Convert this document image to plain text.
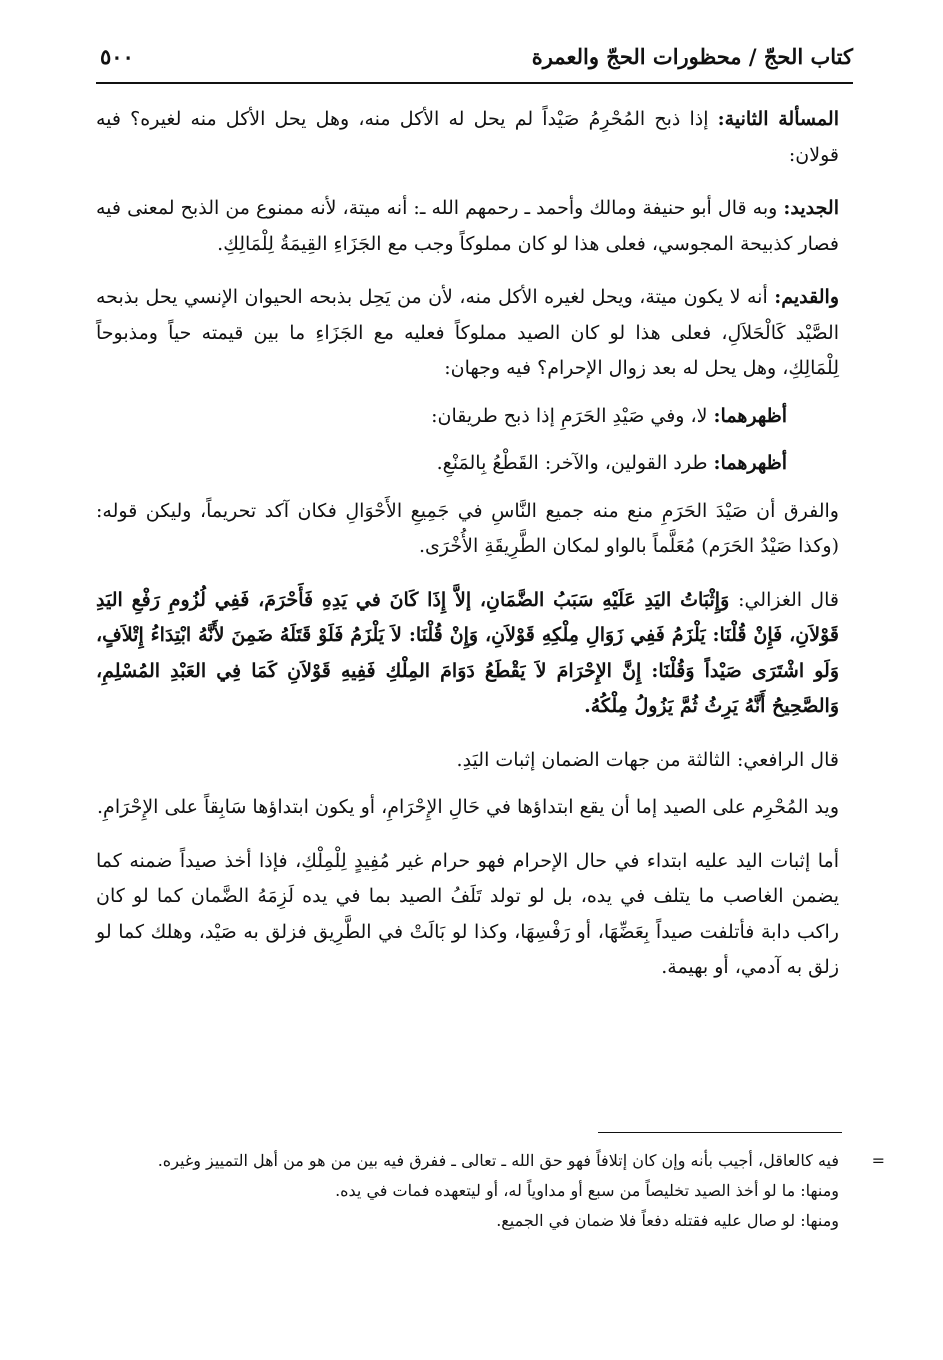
كتاب الحجّ / محظورات الحجّ والعمرة
٥٠٠

المسألة الثانية: إذا ذبح المُحْرِمُ صَيْداً لم يحل له الأكل منه، وهل يحل الأكل منه لغيره؟ فيه قولان:

الجديد: وبه قال أبو حنيفة ومالك وأحمد ـ رحمهم الله ـ: أنه ميتة، لأنه ممنوع من الذبح لمعنى فيه فصار كذبيحة المجوسي، فعلى هذا لو كان مملوكاً وجب مع الجَزَاءِ القِيمَةُ لِلْمَالِكِ.

والقديم: أنه لا يكون ميتة، ويحل لغيره الأكل منه، لأن من يَحِل بذبحه الحيوان الإنسي يحل بذبحه الصَّيْد كَالْحَلاَلِ، فعلى هذا لو كان الصيد مملوكاً فعليه مع الجَزَاءِ ما بين قيمته حياً ومذبوحاً لِلْمَالِكِ، وهل يحل له بعد زوال الإحرام؟ فيه وجهان:

أظهرهما: لا، وفي صَيْدِ الحَرَمِ إذا ذبح طريقان:

أظهرهما: طرد القولين، والآخر: القَطْعُ بِالمَنْعِ.

والفرق أن صَيْدَ الحَرَمِ منع منه جميع النَّاسِ في جَمِيعِ الأَحْوَالِ فكان آكد تحريماً، وليكن قوله: (وكذا صَيْدُ الحَرَم) مُعَلَّماً بالواو لمكان الطَّرِيقَةِ الأُخْرَى.

قال الغزالي: وَإِثْبَاتُ اليَدِ عَلَيْهِ سَبَبُ الضَّمَانِ، إلاَّ إِذَا كَانَ في يَدِهِ فَأَحْرَمَ، فَفِي لُزُومِ رَفْعِ اليَدِ قَوْلاَنِ، فَإِنْ قُلْنَا: يَلْزَمُ فَفِي زَوَالِ مِلْكِهِ قَوْلاَنِ، وَإِنْ قُلْنَا: لاَ يَلْزَمُ فَلَوْ قَتَلَهُ ضَمِنَ لأَنَّهُ ابْتِدَاءُ إِتْلاَفٍ، وَلَو اشْتَرَى صَيْداً وَقُلْنَا: إِنَّ الإِحْرَامَ لاَ يَقْطَعُ دَوَامَ المِلْكِ فَفِيهِ قَوْلاَنِ كَمَا فِي العَبْدِ المُسْلِمِ، وَالصَّحِيحُ أَنَّهُ يَرِثُ ثُمَّ يَزُولُ مِلْكُهُ.

قال الرافعي: الثالثة من جهات الضمان إثبات اليَدِ.

ويد المُحْرِم على الصيد إما أن يقع ابتداؤها في حَالِ الإِحْرَامِ، أو يكون ابتداؤها سَابِقاً على الإِحْرَامِ.

أما إثبات اليد عليه ابتداء في حال الإحرام فهو حرام غير مُفِيدٍ لِلْمِلْكِ، فإذا أخذ صيداً ضمنه كما يضمن الغاصب ما يتلف في يده، بل لو تولد تَلَفُ الصيد بما في يده لَزِمَهُ الضَّمان كما لو كان راكب دابة فأتلفت صيداً بِعَضِّهَا، أو رَفْسِهَا، وكذا لو بَالَتْ في الطَّرِيق فزلق به صَيْد، وهلك كما لو زلق به آدمي، أو بهيمة.

=

فيه كالعاقل، أجيب بأنه وإن كان إتلافاً فهو حق الله ـ تعالى ـ ففرق فيه بين من هو من أهل التمييز وغيره.

ومنها: ما لو أخذ الصيد تخليصاً من سبع أو مداوياً له، أو ليتعهده فمات في يده.

ومنها: لو صال عليه فقتله دفعاً فلا ضمان في الجميع.
